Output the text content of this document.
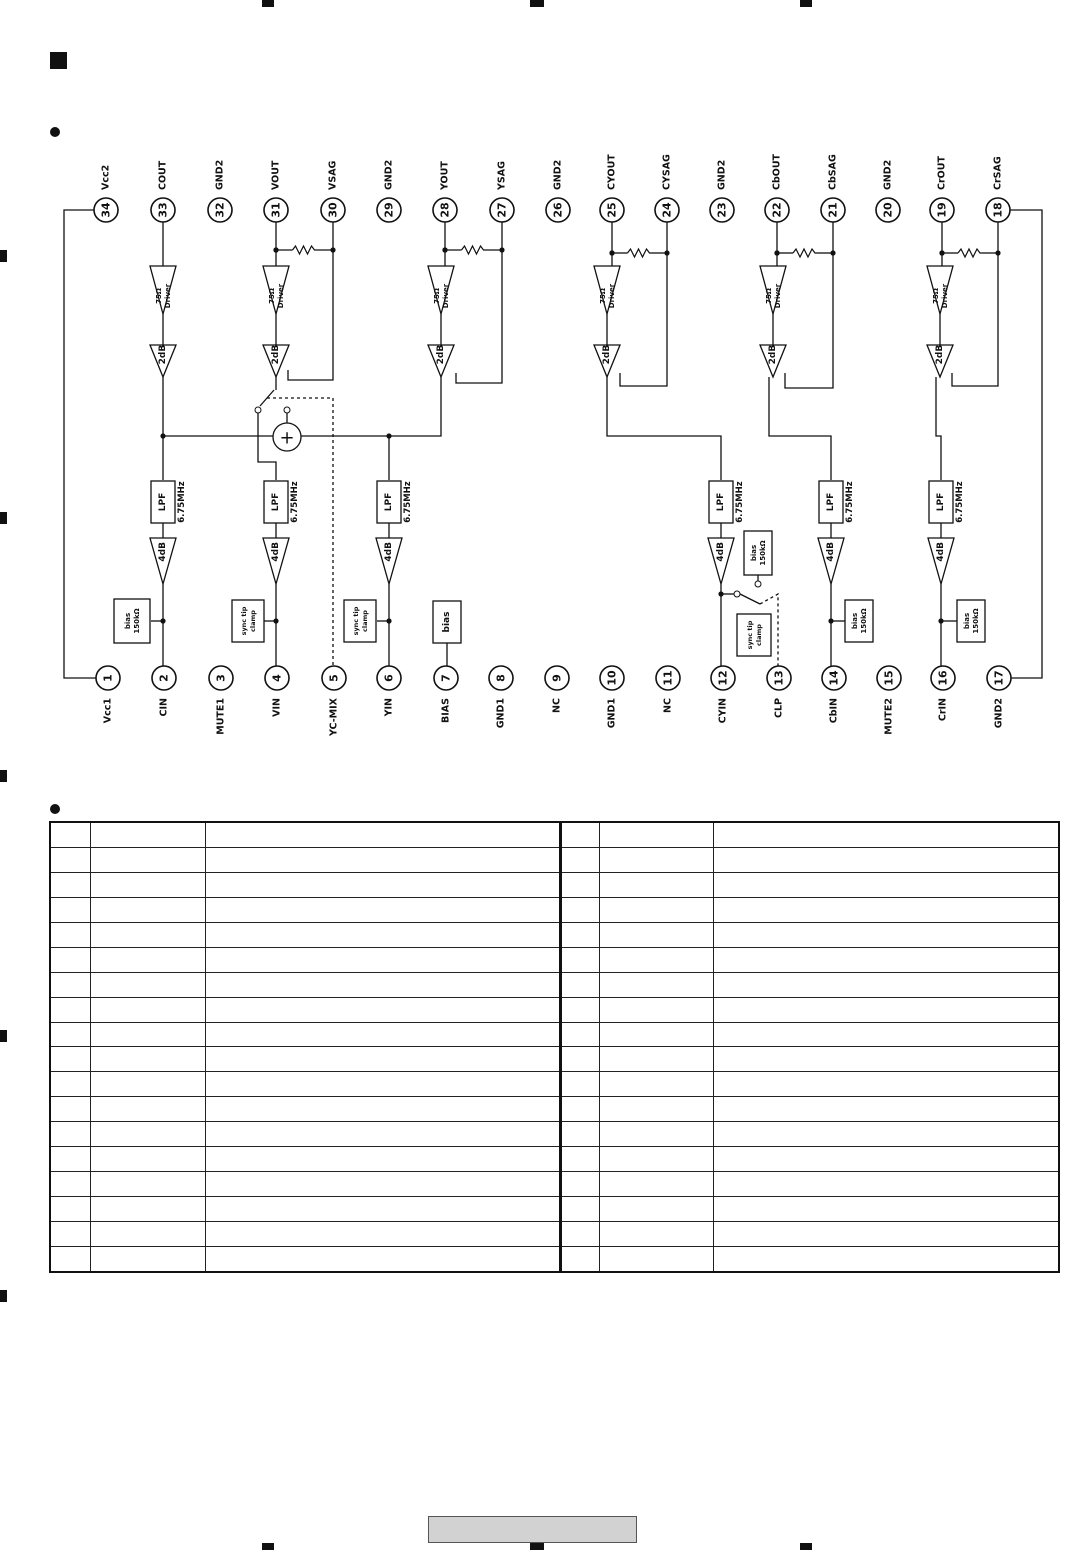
75Ω Driver
2dB
LPF 6.75MHz
4dB
bias 150kΩ
75Ω Driver
2dB
+
LPF 6.75MHz
4dB
sync tip clamp
75Ω Driver
2dB
LPF 6.75MHz
4dB
sync tip clamp	bias
75Ω Driver
2dB
LPF 6.75MHz
4dB	bias 150kΩ
sync tip clamp
75Ω Driver
2dB
LPF 6.75MHz
4dB
bias 150kΩ
75Ω Driver
2dB
LPF 6.75MHz
4dB
bias 150kΩ
34
Vcc2
33
COUT
32
GND2
31
VOUT
30
VSAG
29
GND2
28
YOUT
27
YSAG
26
GND2
25
CYOUT
24
CYSAG
23
GND2
22
CbOUT
21
CbSAG
20
GND2
19
CrOUT
18
CrSAG
1
Vcc1
2
CIN
3
MUTE1
4
VIN
5
YC-MIX
6
YIN
7
BIAS
8
GND1
9
NC
10
GND1
11
NC
12
CYIN
13
CLP
14
CbIN
15
MUTE2
16
CrIN
17
GND2
